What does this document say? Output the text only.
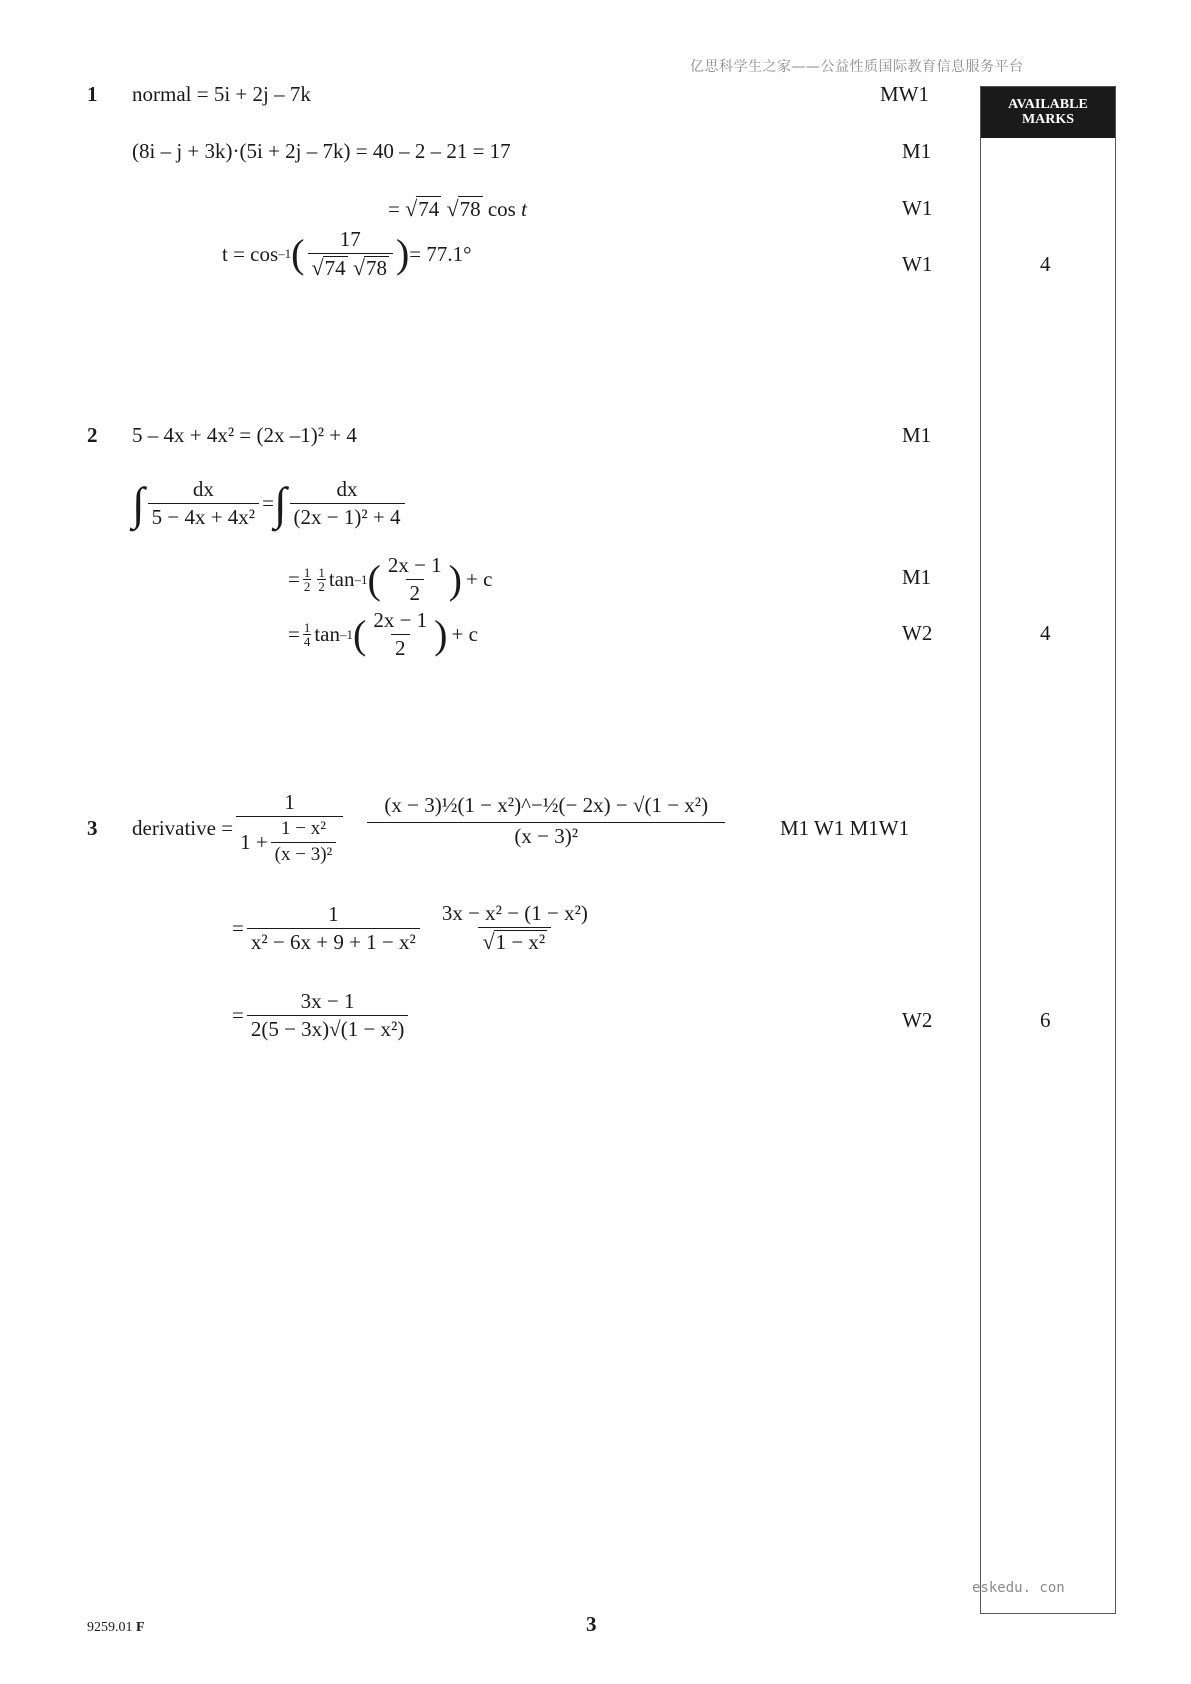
亿思科学生之家——公益性质国际教育信息服务平台
AVAILABLE
MARKS
1 normal = 5i + 2j – 7k	MW1
(8i – j + 3k)·(5i + 2j – 7k) = 40 – 2 – 21 = 17	M1
= √ 74
√ 78 cos t	W1
t = cos –1 ( 17
√ 74
√ 78 ) = 77.1°	W1	4
2 5 – 4x + 4x² = (2x –1)² + 4	M1
∫ $\frac{dx}{\text{5 − 4x + 4x²}}$ = ∫ $\frac{dx}{\text{(2x − 1)² + 4}}$
= $\frac{1}{2} \frac{1}{2}$ tan –1 ( $\frac{2x - 1}{2}$ ) + c	M1
= $\frac{1}{4}$ tan –1 ( $\frac{2x - 1}{2}$ ) + c	W2	4
3 derivative = $\frac{1}{1 + \frac{\text{1 − x²}}{\text{(x − 3)²}}} \frac{\text{(x − 3)½(1 − x²)\textasciicircum{}−½(− 2x) − √(1 − x²)}}{\text{(x − 3)²}}$	M1 W1 M1W1
= $\frac{1}{\text{x² − 6x + 9 + 1 − x²}} \frac{\text{3x − x² − (1 − x²)}}{\text{√ 1 − x²}}$
= $\frac{3x - 1}{\text{2(5 − 3x)√(1 − x²)}}$	W2	6
eskedu. con
9259.01 F	3
